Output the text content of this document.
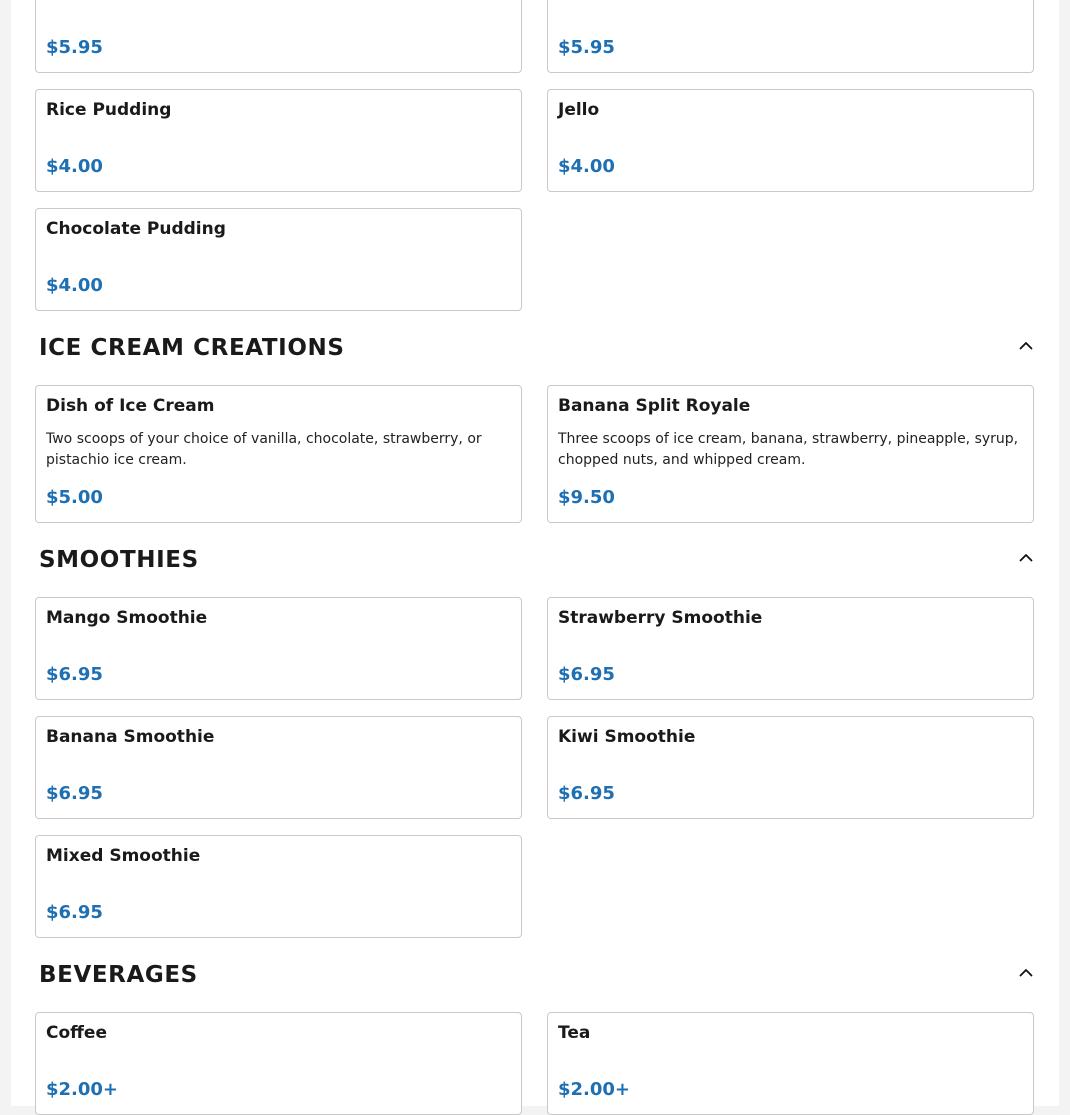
$5.95	$5.95
Rice Pudding
$4.00
Jello
$4.00
Chocolate Pudding
$4.00
ICE CREAM CREATIONS
Dish of Ice Cream

Two scoops of your choice of vanilla, chocolate, strawberry, or pistachio ice cream.

$5.00
Banana Split Royale

Three scoops of ice cream, banana, strawberry, pineapple, syrup, chopped nuts, and whipped cream.

$9.50
SMOOTHIES
Mango Smoothie
$6.95
Strawberry Smoothie
$6.95
Banana Smoothie
$6.95
Kiwi Smoothie
$6.95
Mixed Smoothie
$6.95
BEVERAGES
Coffee
$2.00+
Tea
$2.00+
